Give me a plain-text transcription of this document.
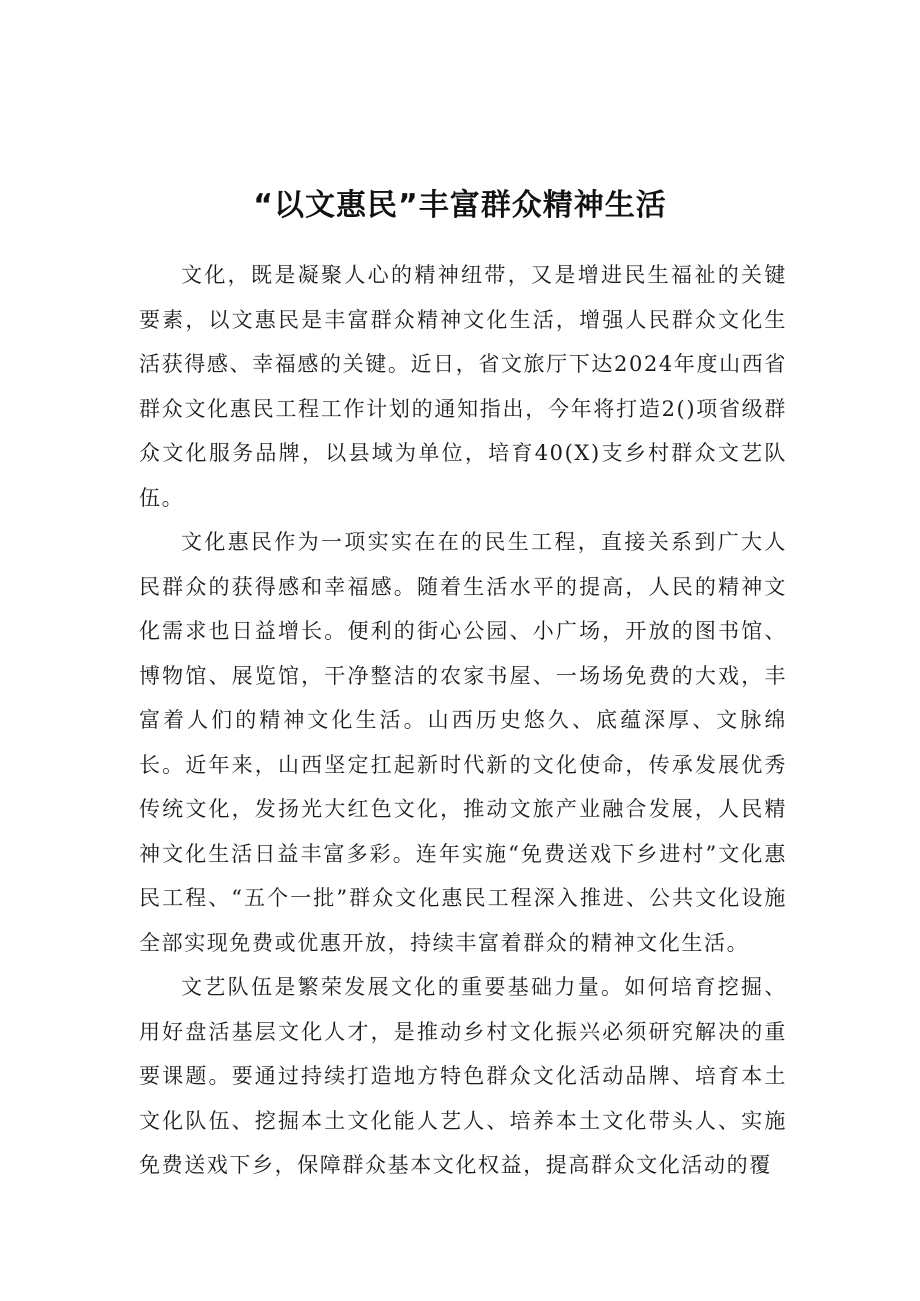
“以文惠民”丰富群众精神生活

文化，既是凝聚人心的精神纽带，又是增进民生福祉的关键要素，以文惠民是丰富群众精神文化生活，增强人民群众文化生活获得感、幸福感的关键。近日，省文旅厅下达2024年度山西省群众文化惠民工程工作计划的通知指出，今年将打造2()项省级群众文化服务品牌，以县域为单位，培育40(X)支乡村群众文艺队伍。

文化惠民作为一项实实在在的民生工程，直接关系到广大人民群众的获得感和幸福感。随着生活水平的提高，人民的精神文化需求也日益增长。便利的街心公园、小广场，开放的图书馆、博物馆、展览馆，干净整洁的农家书屋、一场场免费的大戏，丰富着人们的精神文化生活。山西历史悠久、底蕴深厚、文脉绵长。近年来，山西坚定扛起新时代新的文化使命，传承发展优秀传统文化，发扬光大红色文化，推动文旅产业融合发展，人民精神文化生活日益丰富多彩。连年实施“免费送戏下乡进村”文化惠民工程、“五个一批”群众文化惠民工程深入推进、公共文化设施全部实现免费或优惠开放，持续丰富着群众的精神文化生活。

文艺队伍是繁荣发展文化的重要基础力量。如何培育挖掘、用好盘活基层文化人才，是推动乡村文化振兴必须研究解决的重要课题。要通过持续打造地方特色群众文化活动品牌、培育本土文化队伍、挖掘本土文化能人艺人、培养本土文化带头人、实施免费送戏下乡，保障群众基本文化权益，提高群众文化活动的覆
